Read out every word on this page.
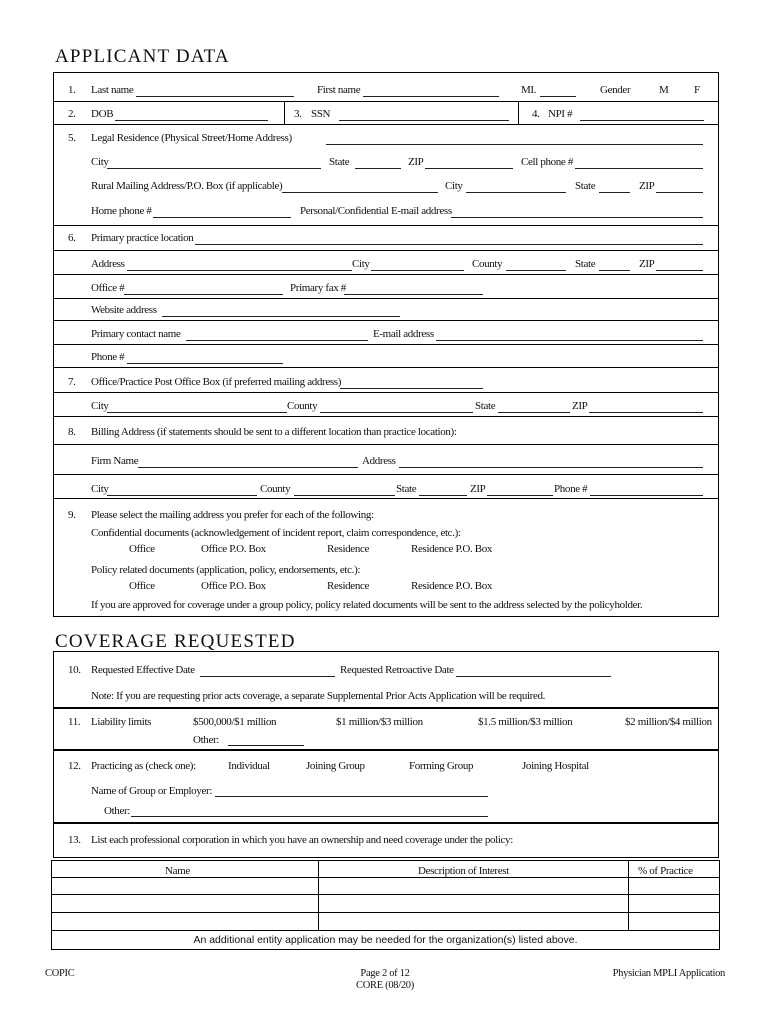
APPLICANT DATA
1. Last name	First name	MI.	Gender	M F
2. DOB	3. SSN	4. NPI #
5. Legal Residence (Physical Street/Home Address)
City	State	ZIP	Cell phone #
Rural Mailing Address/P.O. Box (if applicable)	City	State	ZIP
Home phone #	Personal/Confidential E-mail address
6. Primary practice location
Address	City	County	State	ZIP
Office #	Primary fax #
Website address
Primary contact name	E-mail address
Phone #
7. Office/Practice Post Office Box (if preferred mailing address)
City	County	State	ZIP
8. Billing Address (if statements should be sent to a different location than practice location):
Firm Name	Address
City	County	State	ZIP	Phone #
9. Please select the mailing address you prefer for each of the following:
Confidential documents (acknowledgement of incident report, claim correspondence, etc.):
Office	Office P.O. Box	Residence	Residence P.O. Box
Policy related documents (application, policy, endorsements, etc.):
Office	Office P.O. Box	Residence	Residence P.O. Box
If you are approved for coverage under a group policy, policy related documents will be sent to the address selected by the policyholder.
COVERAGE REQUESTED
10. Requested Effective Date	Requested Retroactive Date
Note: If you are requesting prior acts coverage, a separate Supplemental Prior Acts Application will be required.
11. Liability limits	$500,000/$1 million	$1 million/$3 million	$1.5 million/$3 million	$2 million/$4 million
Other:
12. Practicing as (check one):	Individual	Joining Group	Forming Group	Joining Hospital
Name of Group or Employer:
Other:
13. List each professional corporation in which you have an ownership and need coverage under the policy:
Name	Description of Interest	% of Practice
An additional entity application may be needed for the organization(s) listed above.
COPIC	Page 2 of 12
CORE (08/20)
Physician MPLI Application
